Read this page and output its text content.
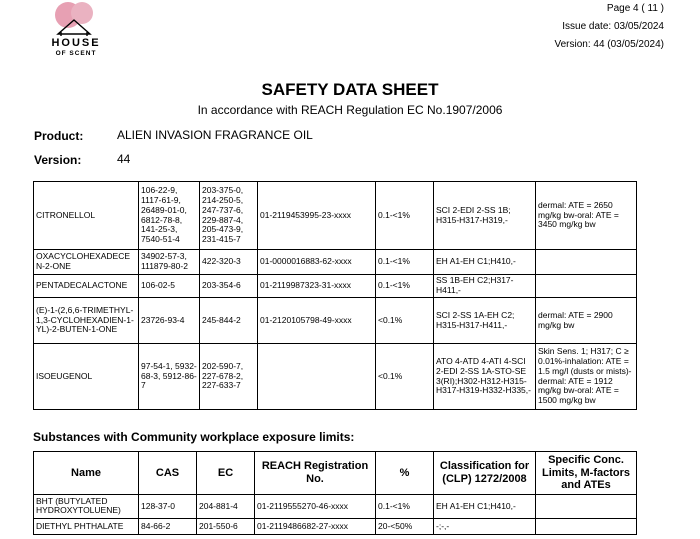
HOUSE
OF SCENT
Page 4 ( 11 )
Issue date: 03/05/2024
Version: 44 (03/05/2024)
SAFETY DATA SHEET
In accordance with REACH Regulation EC No.1907/2006
Product:	ALIEN INVASION FRAGRANCE OIL
Version:	44
CITRONELLOL	106-22-9, 1117-61-9, 26489-01-0, 6812-78-8, 141-25-3, 7540-51-4	203-375-0, 214-250-5, 247-737-6, 229-887-4, 205-473-9, 231-415-7	01-2119453995-23-xxxx	0.1-<1%	SCI 2-EDI 2-SS 1B; H315-H317-H319,-	dermal: ATE = 2650 mg/kg bw-oral: ATE = 3450 mg/kg bw
OXACYCLOHEXADECEN-2-ONE	34902-57-3, 111879-80-2	422-320-3	01-0000016883-62-xxxx	0.1-<1%	EH A1-EH C1;H410,-	
PENTADECALACTONE	106-02-5	203-354-6	01-2119987323-31-xxxx	0.1-<1%	SS 1B-EH C2;H317-H411,-	
(E)-1-(2,6,6-TRIMETHYL-1,3-CYCLOHEXADIEN-1-YL)-2-BUTEN-1-ONE	23726-93-4	245-844-2	01-2120105798-49-xxxx	<0.1%	SCI 2-SS 1A-EH C2; H315-H317-H411,-	dermal: ATE = 2900 mg/kg bw
ISOEUGENOL	97-54-1, 5932-68-3, 5912-86-7	202-590-7, 227-678-2, 227-633-7		<0.1%	ATO 4-ATD 4-ATI 4-SCI 2-EDI 2-SS 1A-STO-SE 3(RI);H302-H312-H315-H317-H319-H332-H335,-	Skin Sens. 1; H317; C ≥ 0.01%-inhalation: ATE = 1.5 mg/l (dusts or mists)-dermal: ATE = 1912 mg/kg bw-oral: ATE = 1500 mg/kg bw
Substances with Community workplace exposure limits:
Name	CAS	EC	REACH Registration No.	%	Classification for (CLP) 1272/2008	Specific Conc. Limits, M-factors and ATEs
BHT (BUTYLATED HYDROXYTOLUENE)	128-37-0	204-881-4	01-2119555270-46-xxxx	0.1-<1%	EH A1-EH C1;H410,-	
DIETHYL PHTHALATE	84-66-2	201-550-6	01-2119486682-27-xxxx	20-<50%	-;-,-	
